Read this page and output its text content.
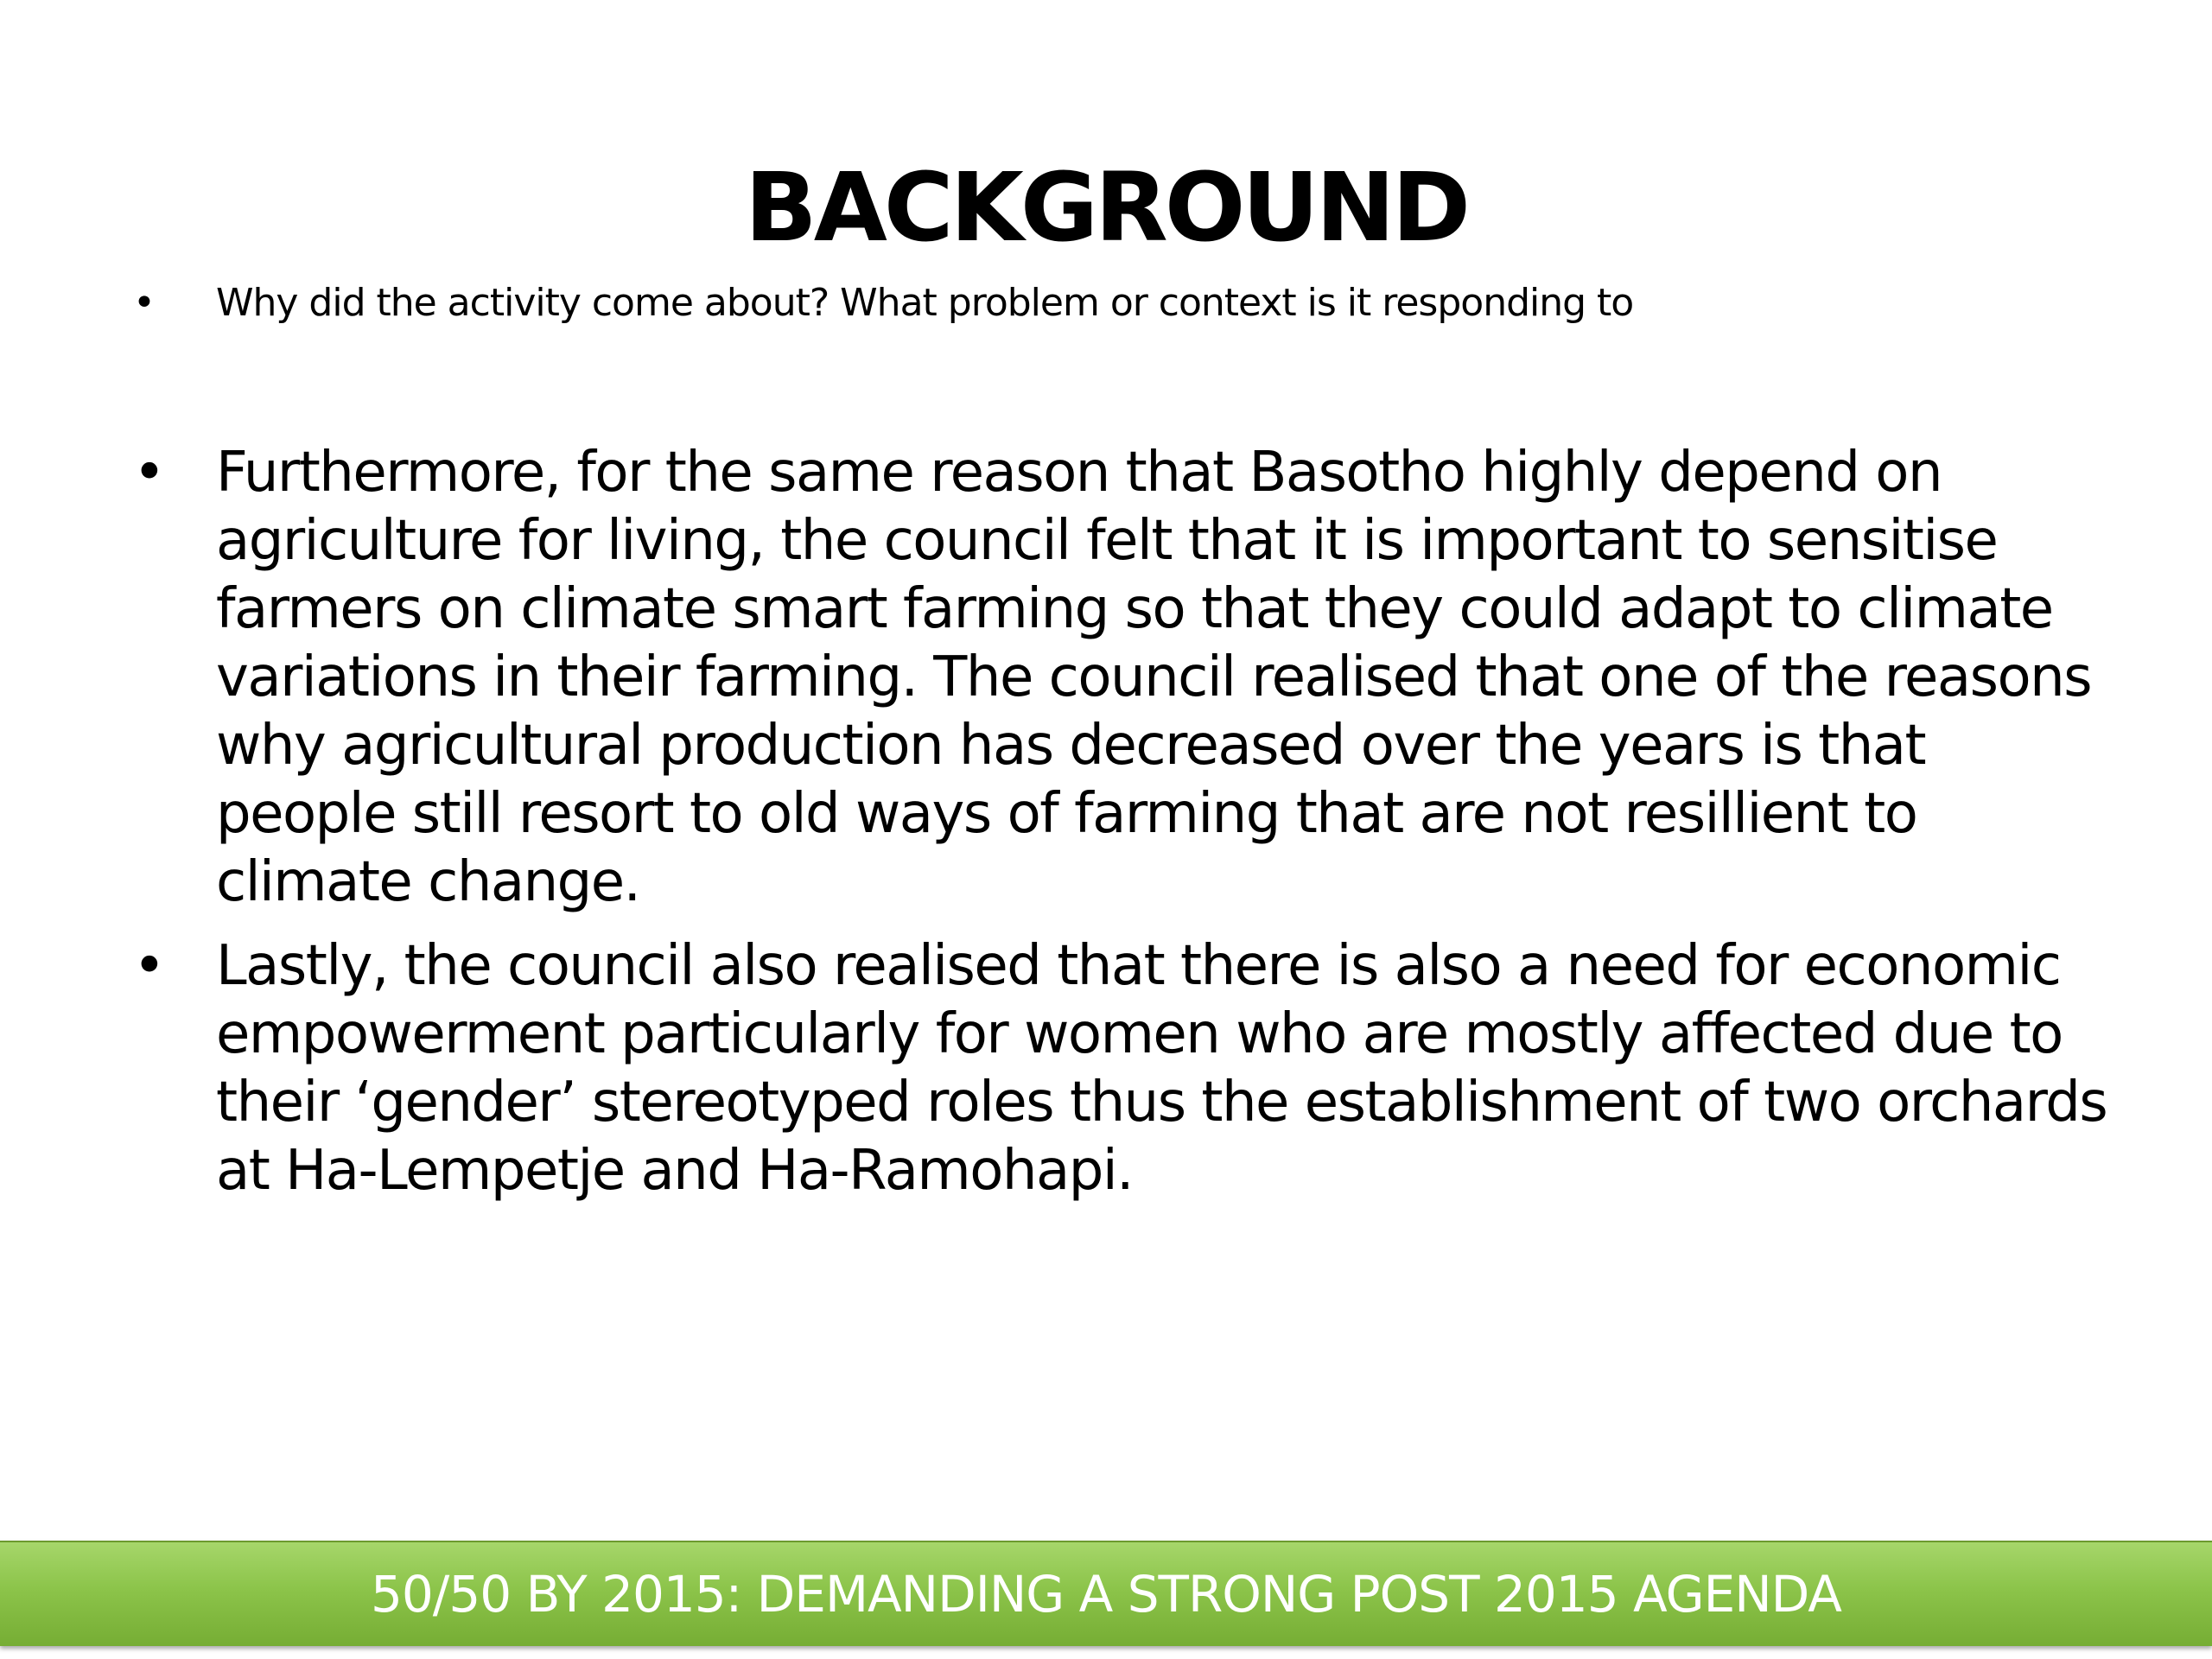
BACKGROUND
•	Why did the activity come about? What problem or context is it responding to
• Furthermore, for the same reason that Basotho highly depend on agriculture for living, the council felt that it is important to sensitise farmers on climate smart farming so that they could adapt to climate variations in their farming. The council realised that one of the reasons why agricultural production has decreased over the years is that people still resort to old ways of farming that are not resillient to climate change.
• Lastly, the council also realised that there is also a need for economic empowerment particularly for women who are mostly affected due to their ‘gender’ stereotyped roles thus the establishment of two orchards at Ha-Lempetje and Ha-Ramohapi.
50/50 BY 2015: DEMANDING A STRONG POST 2015 AGENDA
